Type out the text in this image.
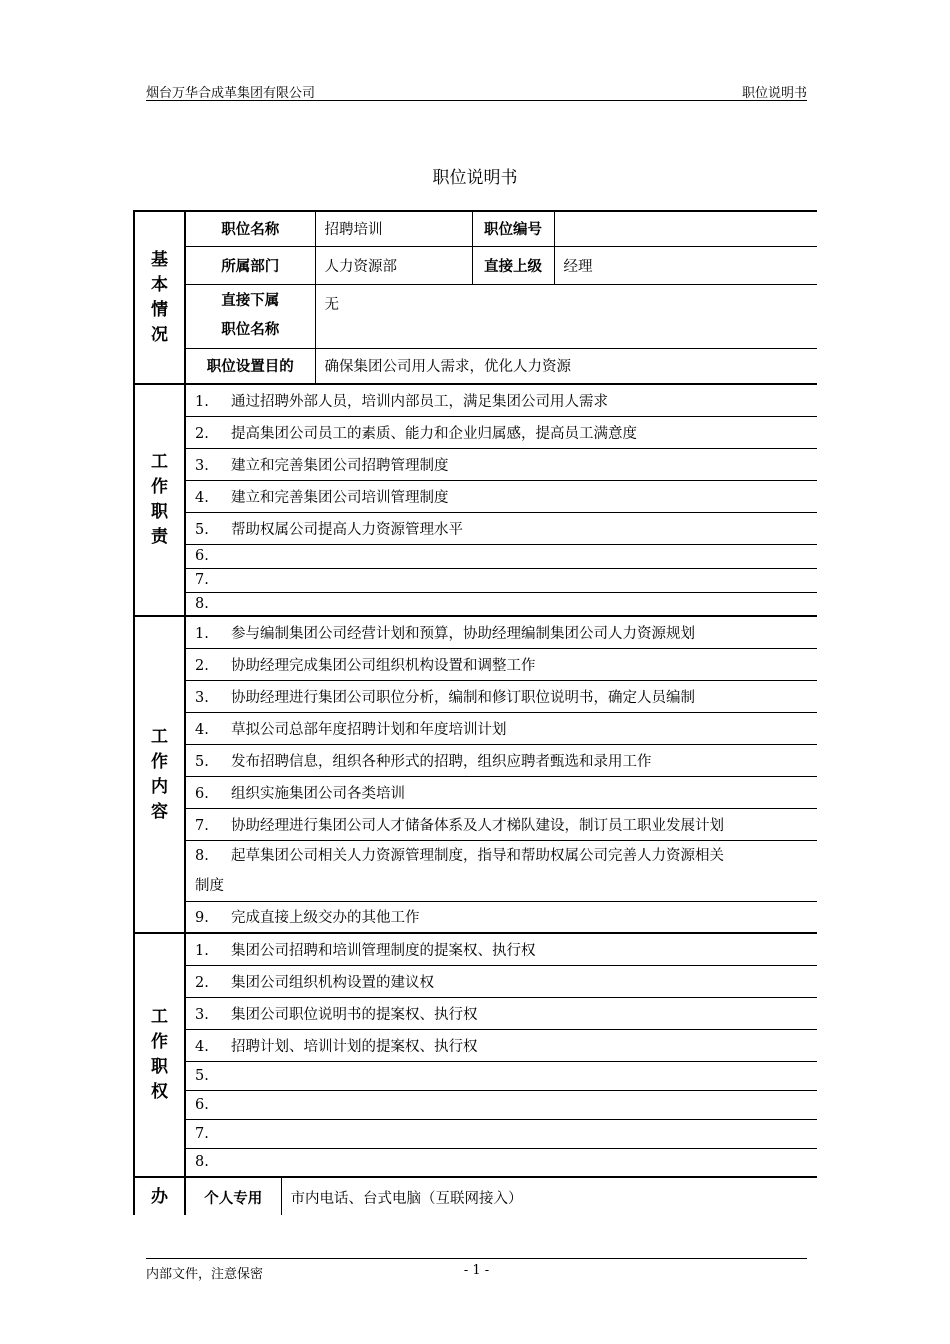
烟台万华合成革集团有限公司	职位说明书
职位说明书
基
本
情
况	职位名称		招聘培训	职位编号	
	所属部门		人力资源部	直接上级	经理

	直接下属
职位名称		无		
	职位设置目的		确保集团公司用人需求，优化人力资源		

工
作
职
责	1. 通过招聘外部人员，培训内部员工，满足集团公司用人需求				
	2. 提高集团公司员工的素质、能力和企业归属感，提高员工满意度				
	3. 建立和完善集团公司招聘管理制度				
	4. 建立和完善集团公司培训管理制度				
	5. 帮助权属公司提高人力资源管理水平				
	6.				
	7.				
	8.				

工
作
内
容	1. 参与编制集团公司经营计划和预算，协助经理编制集团公司人力资源规划				
	2. 协助经理完成集团公司组织机构设置和调整工作				
	3. 协助经理进行集团公司职位分析，编制和修订职位说明书，确定人员编制				
	4. 草拟公司总部年度招聘计划和年度培训计划				
	5. 发布招聘信息，组织各种形式的招聘，组织应聘者甄选和录用工作				
	6. 组织实施集团公司各类培训				
	7. 协助经理进行集团公司人才储备体系及人才梯队建设，制订员工职业发展计划				
	8. 起草集团公司相关人力资源管理制度，指导和帮助权属公司完善人力资源相关
制度				
	9. 完成直接上级交办的其他工作				

工
作
职
权	1. 集团公司招聘和培训管理制度的提案权、执行权				
	2. 集团公司组织机构设置的建议权				
	3. 集团公司职位说明书的提案权、执行权				
	4. 招聘计划、培训计划的提案权、执行权				
	5.				
	6.				
	7.				
	8.				
办	个人专用	市内电话、台式电脑（互联网接入）			
内部文件，注意保密	- 1 -
